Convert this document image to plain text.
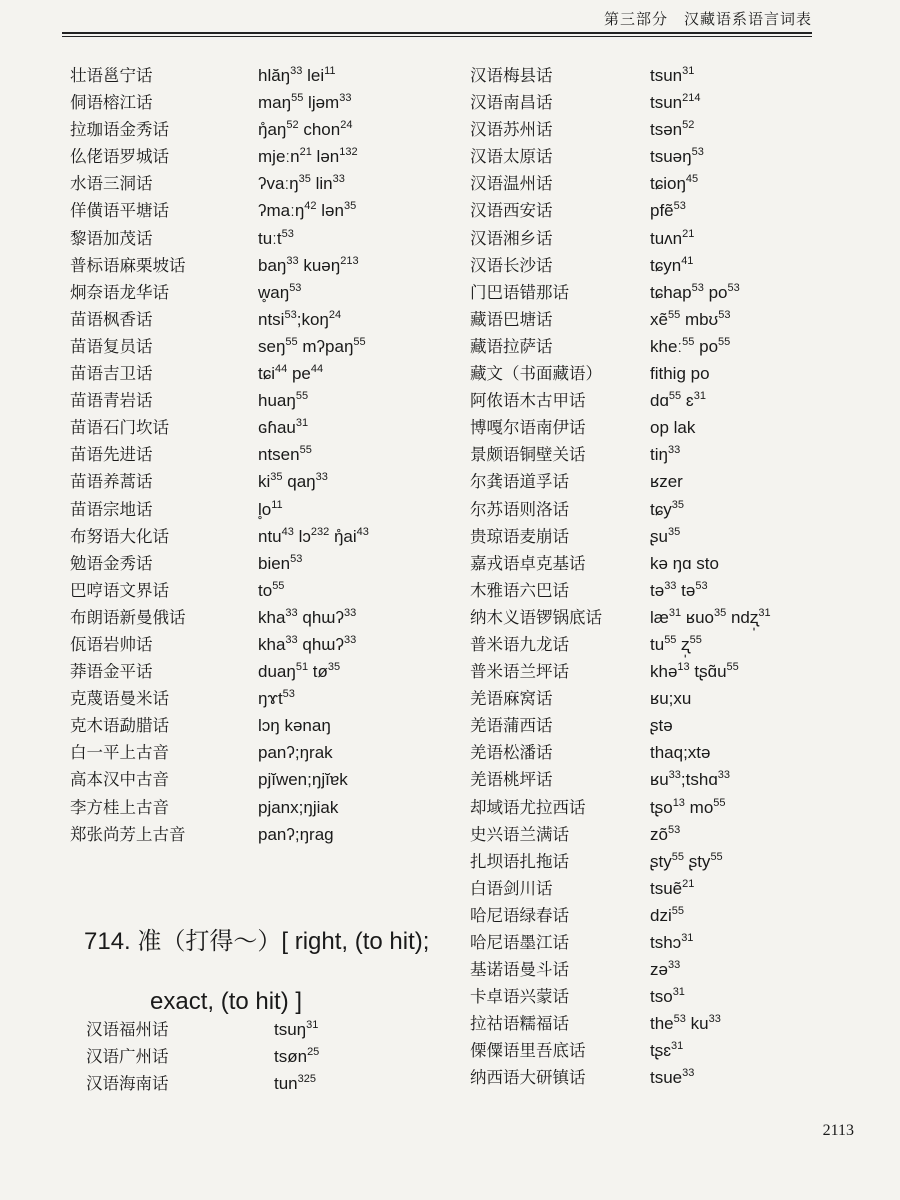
第三部分　汉藏语系语言词表
壮语邕宁话	hlăŋ$^{33}$ lei$^{11}$
侗语榕江话	maŋ$^{55}$ ljəm$^{33}$
拉珈语金秀话	$ŋ̊aŋ^{52}$ chon$^{24}$
仫佬语罗城话	mjeːn$^{21}$ lən$^{132}$
水语三洞话	ʔvaːŋ$^{35}$ lin$^{33}$
佯僙语平塘话	ʔmaːŋ$^{42}$ lən$^{35}$
黎语加茂话	tuːt$^{53}$
普标语麻栗坡话	baŋ$^{33}$ kuəŋ$^{213}$
炯奈语龙华话	$w̥aŋ^{53}$
苗语枫香话	ntsi$^{53}$;koŋ$^{24}$
苗语复员话	seŋ$^{55}$ mʔpaŋ$^{55}$
苗语吉卫话	tɕi$^{44}$ $pe^{44}$
苗语青岩话	huaŋ$^{55}$
苗语石门坎话	ɢɦau$^{31}$
苗语先进话	ntsen$^{55}$
苗语养蒿话	$ki^{35}$ qaŋ$^{33}$
苗语宗地话	$l̥o^{11}$
布努语大化话	ntu$^{43}$ lɔ$^{232}$ $ŋ̊ai^{43}$
勉语金秀话	bien$^{53}$
巴哼语文界话	$to^{55}$
布朗语新曼俄话	kha$^{33}$ qhɯʔ$^{33}$
佤语岩帅话	kha$^{33}$ qhɯʔ$^{33}$
莽语金平话	duaŋ$^{51}$ $tø^{35}$
克蔑语曼米话	ŋɤt$^{53}$
克木语勐腊话	lɔŋ kənaŋ
白一平上古音	panʔ;ŋrak
高本汉中古音	pjĭwen;ŋjĭɐk
李方桂上古音	pjanx;ŋjiak
郑张尚芳上古音	panʔ;ŋrag
714. 准（打得～）[ right, (to hit);
exact, (to hit) ]
汉语福州话	tsuŋ$^{31}$
汉语广州话	tsøn$^{25}$
汉语海南话	tun$^{325}$
汉语梅县话	tsun$^{31}$
汉语南昌话	tsun$^{214}$
汉语苏州话	tsən$^{52}$
汉语太原话	tsuəŋ$^{53}$
汉语温州话	tɕioŋ$^{45}$
汉语西安话	pfẽ$^{53}$
汉语湘乡话	tuʌn$^{21}$
汉语长沙话	tɕyn$^{41}$
门巴语错那话	tɕhap$^{53}$ $po^{53}$
藏语巴塘话	xẽ$^{55}$ mbʊ$^{53}$
藏语拉萨话	kheː$^{55}$ $po^{55}$
藏文（书面藏语）	fithig po
阿侬语木古甲话	dɑ$^{55}$ ɛ$^{31}$
博嘎尔语南伊话	op lak
景颇语铜壁关话	tiŋ$^{33}$
尔龚语道孚话	ʁzer
尔苏语则洛话	tɕy$^{35}$
贵琼语麦崩话	ʂu$^{35}$
嘉戎语卓克基话	kə ŋɑ sto
木雅语六巴话	tə$^{33}$ tə$^{53}$
纳木义语锣锅底话	$læ^{31}$ ʁuo$^{35}$ ndʐ̩$^{31}$
普米语九龙话	$tu^{55}$ ʐ̩$^{55}$
普米语兰坪话	khə$^{13}$ $tʂɑ̃u^{55}$
羌语麻窝话	ʁu;xu
羌语蒲西话	ʂtə
羌语松潘话	thaq;xtə
羌语桃坪话	ʁu$^{33}$;tshɑ$^{33}$
却域语尤拉西话	tʂo$^{13}$ $mo^{55}$
史兴语兰满话	$zõ^{53}$
扎坝语扎拖话	ʂty$^{55}$ ʂty$^{55}$
白语剑川话	tsuẽ$^{21}$
哈尼语绿春话	dzi$^{55}$
哈尼语墨江话	tshɔ$^{31}$
基诺语曼斗话	zə$^{33}$
卡卓语兴蒙话	tso$^{31}$
拉祜语糯福话	the$^{53}$ $ku^{33}$
傈僳语里吾底话	tʂɛ$^{31}$
纳西语大研镇话	tsue$^{33}$
2113
